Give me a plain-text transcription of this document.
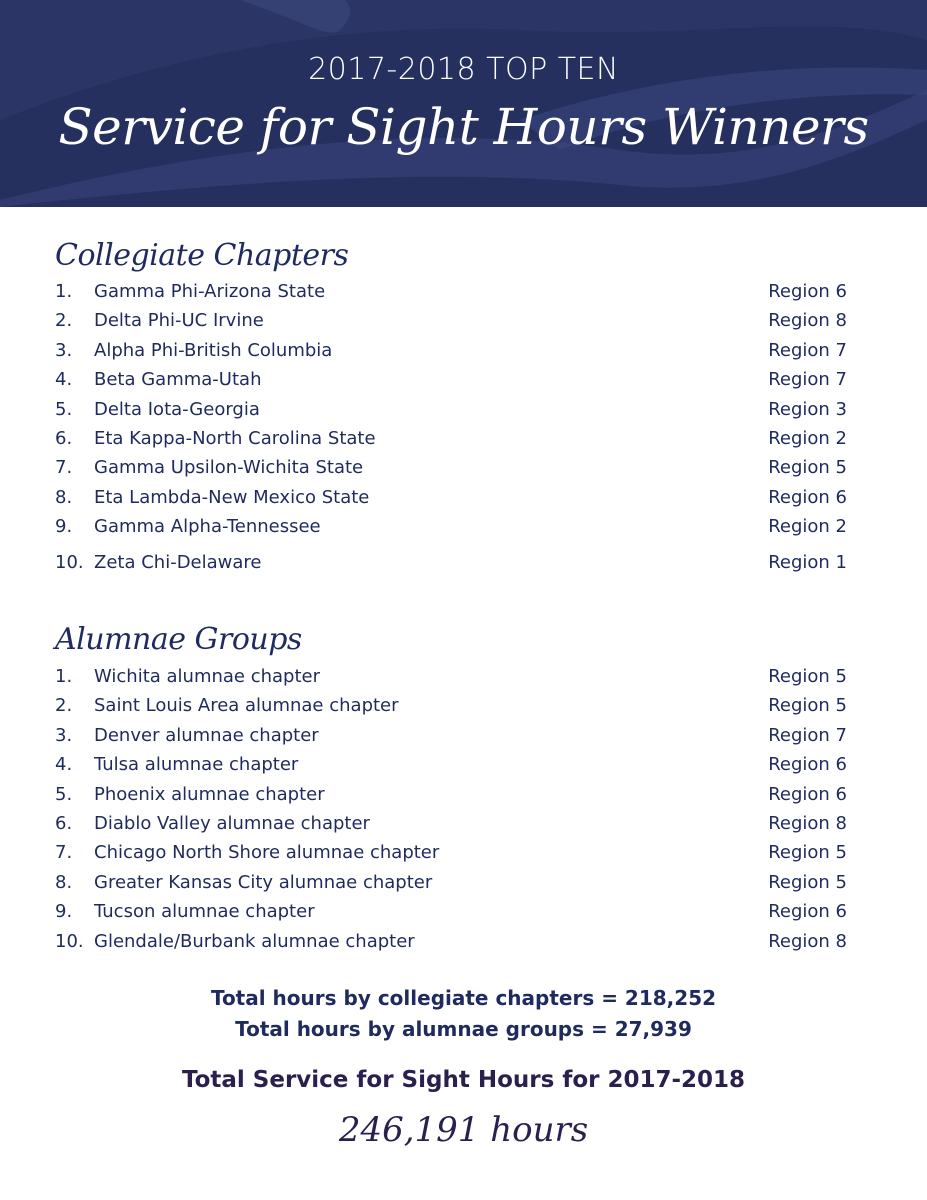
2017-2018 TOP TEN
Service for Sight Hours Winners
Collegiate Chapters
1. Gamma Phi-Arizona State	Region 6
2. Delta Phi-UC Irvine	Region 8
3. Alpha Phi-British Columbia	Region 7
4. Beta Gamma-Utah	Region 7
5. Delta Iota-Georgia	Region 3
6. Eta Kappa-North Carolina State	Region 2
7. Gamma Upsilon-Wichita State	Region 5
8. Eta Lambda-New Mexico State	Region 6
9. Gamma Alpha-Tennessee	Region 2
10. Zeta Chi-Delaware	Region 1
Alumnae Groups
1. Wichita alumnae chapter	Region 5
2. Saint Louis Area alumnae chapter	Region 5
3. Denver alumnae chapter	Region 7
4. Tulsa alumnae chapter	Region 6
5. Phoenix alumnae chapter	Region 6
6. Diablo Valley alumnae chapter	Region 8
7. Chicago North Shore alumnae chapter	Region 5
8. Greater Kansas City alumnae chapter	Region 5
9. Tucson alumnae chapter	Region 6
10. Glendale/Burbank alumnae chapter	Region 8
Total hours by collegiate chapters = 218,252
Total hours by alumnae groups = 27,939
Total Service for Sight Hours for 2017-2018
246,191 hours
